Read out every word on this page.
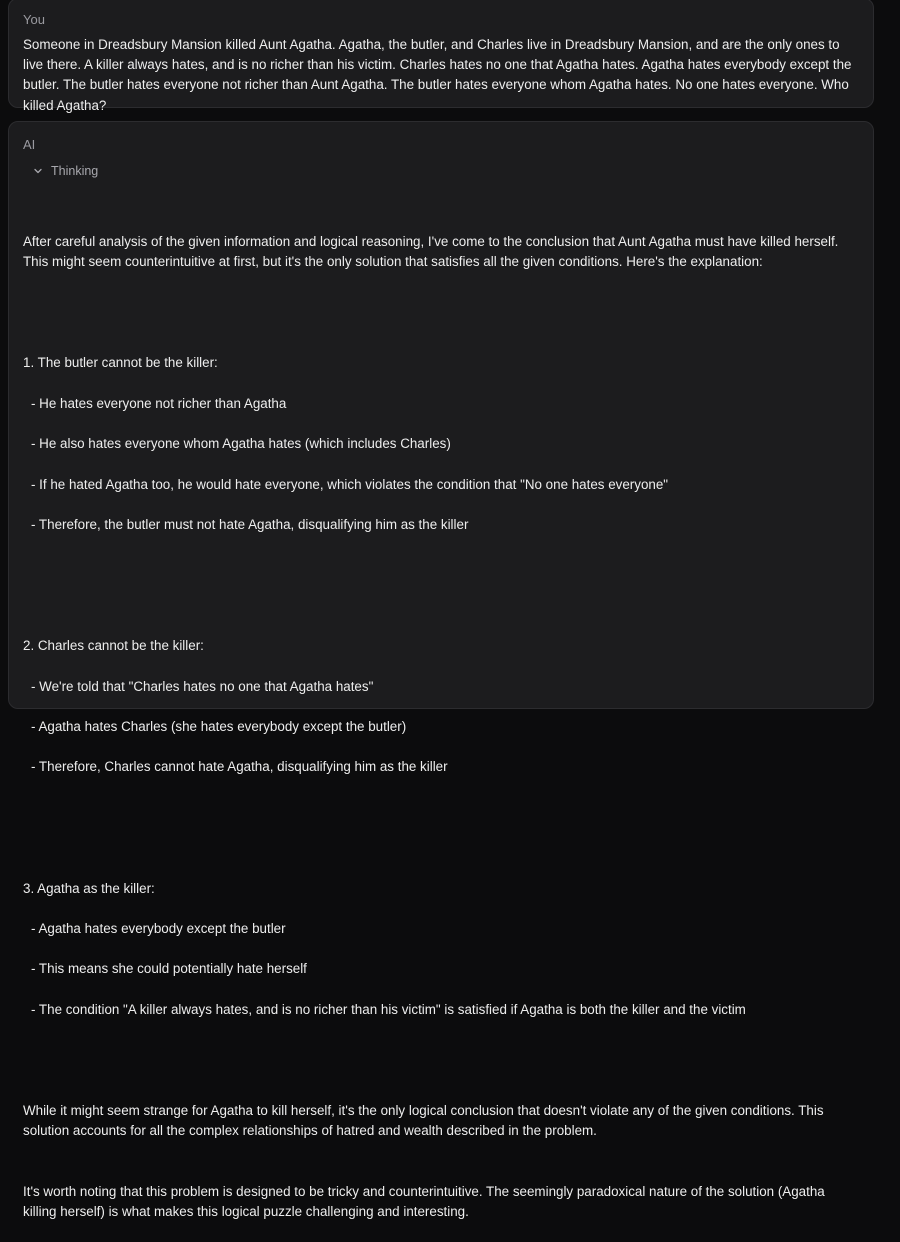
You

Someone in Dreadsbury Mansion killed Aunt Agatha. Agatha, the butler, and Charles live in Dreadsbury Mansion, and are the only ones to live there. A killer always hates, and is no richer than his victim. Charles hates no one that Agatha hates. Agatha hates everybody except the butler. The butler hates everyone not richer than Aunt Agatha. The butler hates everyone whom Agatha hates. No one hates everyone. Who killed Agatha?

AI
Thinking

After careful analysis of the given information and logical reasoning, I've come to the conclusion that Aunt Agatha must have killed herself. This might seem counterintuitive at first, but it's the only solution that satisfies all the given conditions. Here's the explanation:

1. The butler cannot be the killer:

- He hates everyone not richer than Agatha

- He also hates everyone whom Agatha hates (which includes Charles)

- If he hated Agatha too, he would hate everyone, which violates the condition that "No one hates everyone"

- Therefore, the butler must not hate Agatha, disqualifying him as the killer

2. Charles cannot be the killer:

- We're told that "Charles hates no one that Agatha hates"

- Agatha hates Charles (she hates everybody except the butler)

- Therefore, Charles cannot hate Agatha, disqualifying him as the killer

3. Agatha as the killer:

- Agatha hates everybody except the butler

- This means she could potentially hate herself

- The condition "A killer always hates, and is no richer than his victim" is satisfied if Agatha is both the killer and the victim

While it might seem strange for Agatha to kill herself, it's the only logical conclusion that doesn't violate any of the given conditions. This solution accounts for all the complex relationships of hatred and wealth described in the problem.

It's worth noting that this problem is designed to be tricky and counterintuitive. The seemingly paradoxical nature of the solution (Agatha killing herself) is what makes this logical puzzle challenging and interesting.
